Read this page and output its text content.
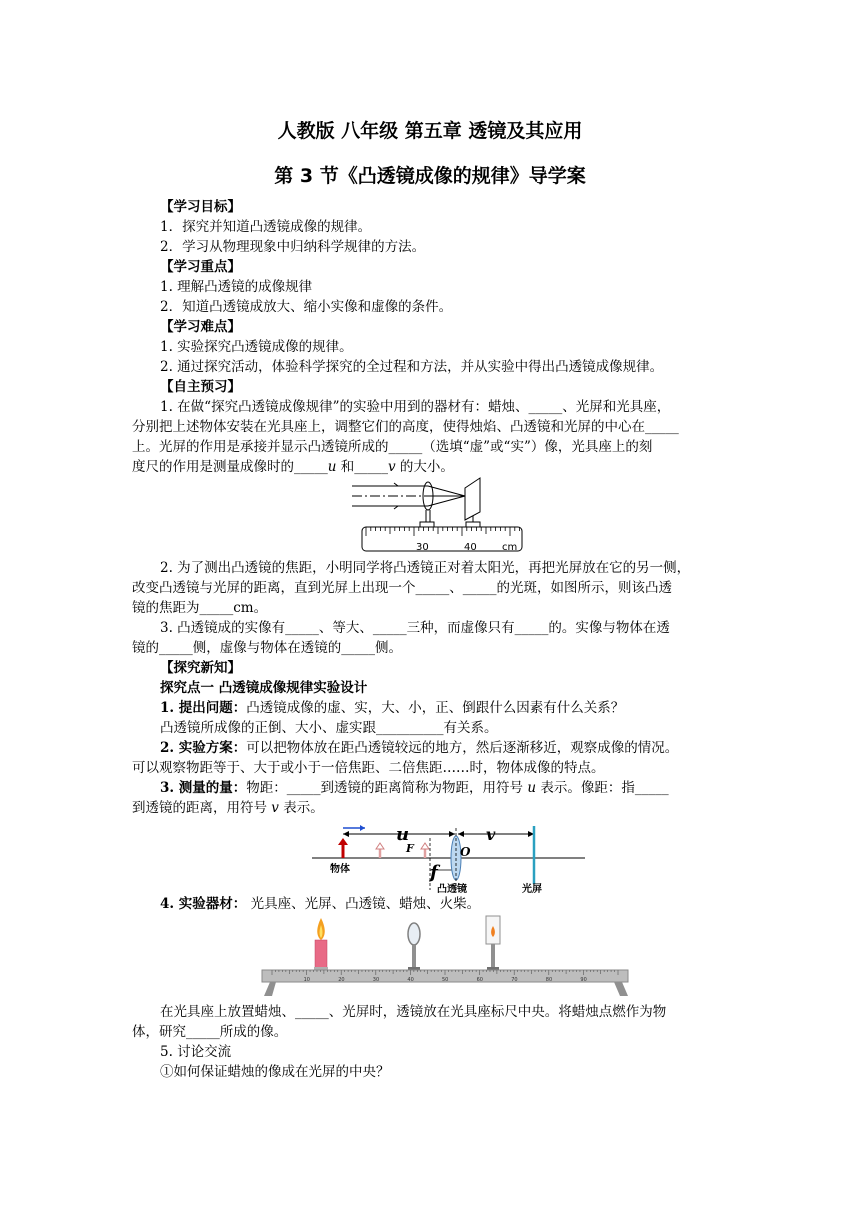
人教版 八年级 第五章 透镜及其应用
第 3 节《凸透镜成像的规律》导学案
【学习目标】
1．探究并知道凸透镜成像的规律。
2．学习从物理现象中归纳科学规律的方法。
【学习重点】
1. 理解凸透镜的成像规律
2．知道凸透镜成放大、缩小实像和虚像的条件。
【学习难点】
1. 实验探究凸透镜成像的规律。
2. 通过探究活动，体验科学探究的全过程和方法，并从实验中得出凸透镜成像规律。
【自主预习】
1. 在做“探究凸透镜成像规律”的实验中用到的器材有：蜡烛、_____、光屏和光具座，
分别把上述物体安装在光具座上，调整它们的高度，使得烛焰、凸透镜和光屏的中心在_____
上。光屏的作用是承接并显示凸透镜所成的_____（选填“虚”或“实”）像，光具座上的刻
度尺的作用是测量成像时的_____u 和_____v 的大小。
30	40	cm
2. 为了测出凸透镜的焦距，小明同学将凸透镜正对着太阳光，再把光屏放在它的另一侧，
改变凸透镜与光屏的距离，直到光屏上出现一个_____、_____的光斑，如图所示，则该凸透
镜的焦距为_____cm。
3. 凸透镜成的实像有_____、等大、_____三种，而虚像只有_____的。实像与物体在透
镜的_____侧，虚像与物体在透镜的_____侧。
【探究新知】
探究点一 凸透镜成像规律实验设计
1. 提出问题：凸透镜成像的虚、实，大、小，正、倒跟什么因素有什么关系？
凸透镜所成像的正倒、大小、虚实跟__________有关系。
2. 实验方案：可以把物体放在距凸透镜较远的地方，然后逐渐移近，观察成像的情况。
可以观察物距等于、大于或小于一倍焦距、二倍焦距……时，物体成像的特点。
3. 测量的量：物距：_____到透镜的距离简称为物距，用符号 u 表示。像距：指_____
到透镜的距离，用符号 v 表示。
u	v
F
f
O
物体
凸透镜	光屏
4. 实验器材： 光具座、光屏、凸透镜、蜡烛、火柴。
10	20	30	40	50	60	70	80	90
在光具座上放置蜡烛、_____、光屏时，透镜放在光具座标尺中央。将蜡烛点燃作为物
体，研究_____所成的像。
5. 讨论交流
①如何保证蜡烛的像成在光屏的中央？
